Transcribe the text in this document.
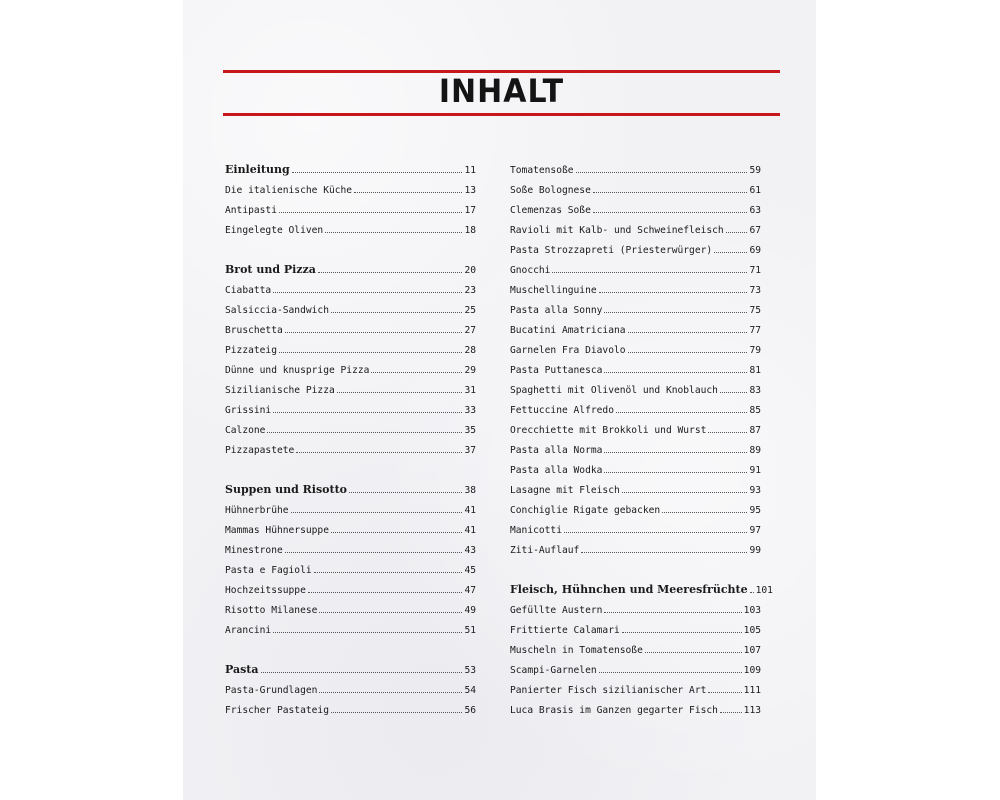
INHALT
Einleitung	11
Die italienische Küche	13
Antipasti	17
Eingelegte Oliven	18
Brot und Pizza	20
Ciabatta	23
Salsiccia-Sandwich	25
Bruschetta	27
Pizzateig	28
Dünne und knusprige Pizza	29
Sizilianische Pizza	31
Grissini	33
Calzone	35
Pizzapastete	37
Suppen und Risotto	38
Hühnerbrühe	41
Mammas Hühnersuppe	41
Minestrone	43
Pasta e Fagioli	45
Hochzeitssuppe	47
Risotto Milanese	49
Arancini	51
Pasta	53
Pasta-Grundlagen	54
Frischer Pastateig	56
Tomatensoße	59
Soße Bolognese	61
Clemenzas Soße	63
Ravioli mit Kalb- und Schweinefleisch	67
Pasta Strozzapreti (Priesterwürger)	69
Gnocchi	71
Muschellinguine	73
Pasta alla Sonny	75
Bucatini Amatriciana	77
Garnelen Fra Diavolo	79
Pasta Puttanesca	81
Spaghetti mit Olivenöl und Knoblauch	83
Fettuccine Alfredo	85
Orecchiette mit Brokkoli und Wurst	87
Pasta alla Norma	89
Pasta alla Wodka	91
Lasagne mit Fleisch	93
Conchiglie Rigate gebacken	95
Manicotti	97
Ziti-Auflauf	99
Fleisch, Hühnchen und Meeresfrüchte 101
Gefüllte Austern	103
Frittierte Calamari	105
Muscheln in Tomatensoße	107
Scampi-Garnelen	109
Panierter Fisch sizilianischer Art	111
Luca Brasis im Ganzen gegarter Fisch	113
